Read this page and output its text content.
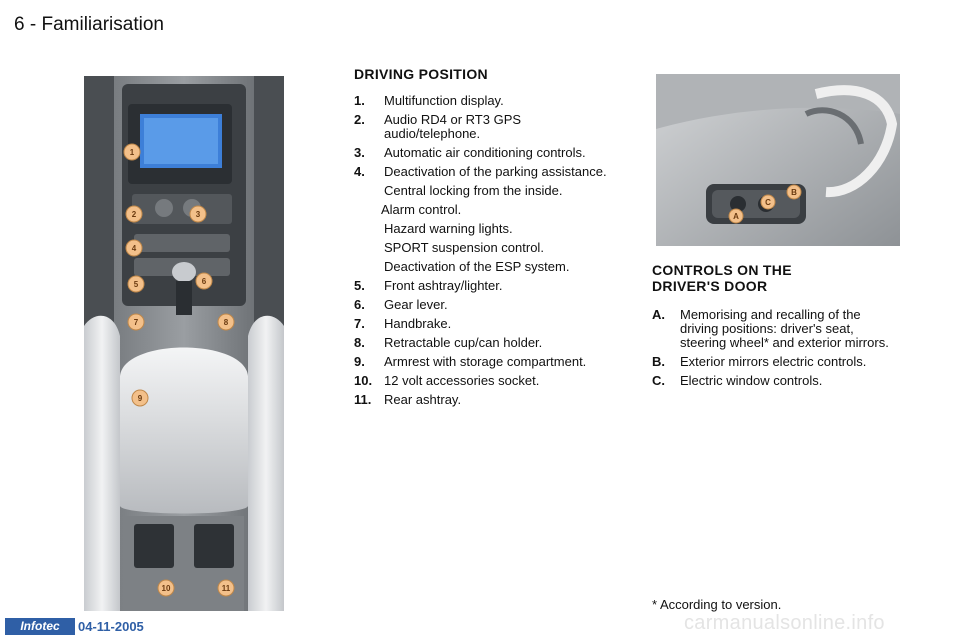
6 - Familiarisation
1
2	3
4
5	6
7	8
9
10	11
DRIVING POSITION
1. Multifunction display.
2. Audio RD4 or RT3 GPS audio/telephone.
3. Automatic air conditioning controls.
4. Deactivation of the parking assistance.
Central locking from the inside.
Alarm control.
Hazard warning lights.
SPORT suspension control.
Deactivation of the ESP system.
5. Front ashtray/lighter.
6. Gear lever.
7. Handbrake.
8. Retractable cup/can holder.
9. Armrest with storage compartment.
10. 12 volt accessories socket.
11. Rear ashtray.
A
B
C
CONTROLS ON THE
DRIVER'S DOOR
A. Memorising and recalling of the driving positions: driver's seat, steering wheel* and exterior mirrors.
B. Exterior mirrors electric controls.
C. Electric window controls.
* According to version.
Infotec	04-11-2005	carmanualsonline.info
